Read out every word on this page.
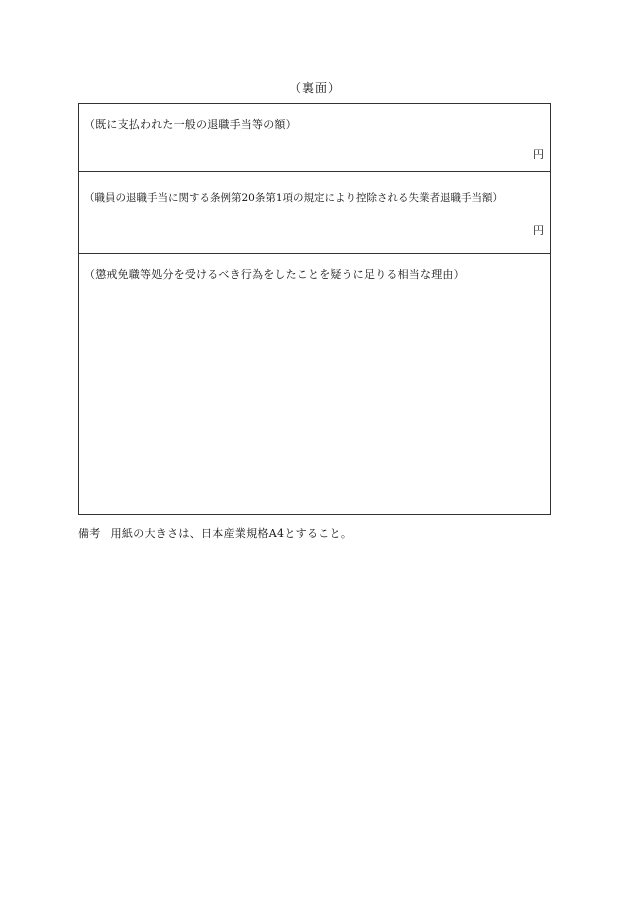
（裏面）
（既に支払われた一般の退職手当等の額）
円
（職員の退職手当に関する条例第20条第1項の規定により控除される失業者退職手当額）
円
（懲戒免職等処分を受けるべき行為をしたことを疑うに足りる相当な理由）
備考 用紙の大きさは、日本産業規格A4とすること。
